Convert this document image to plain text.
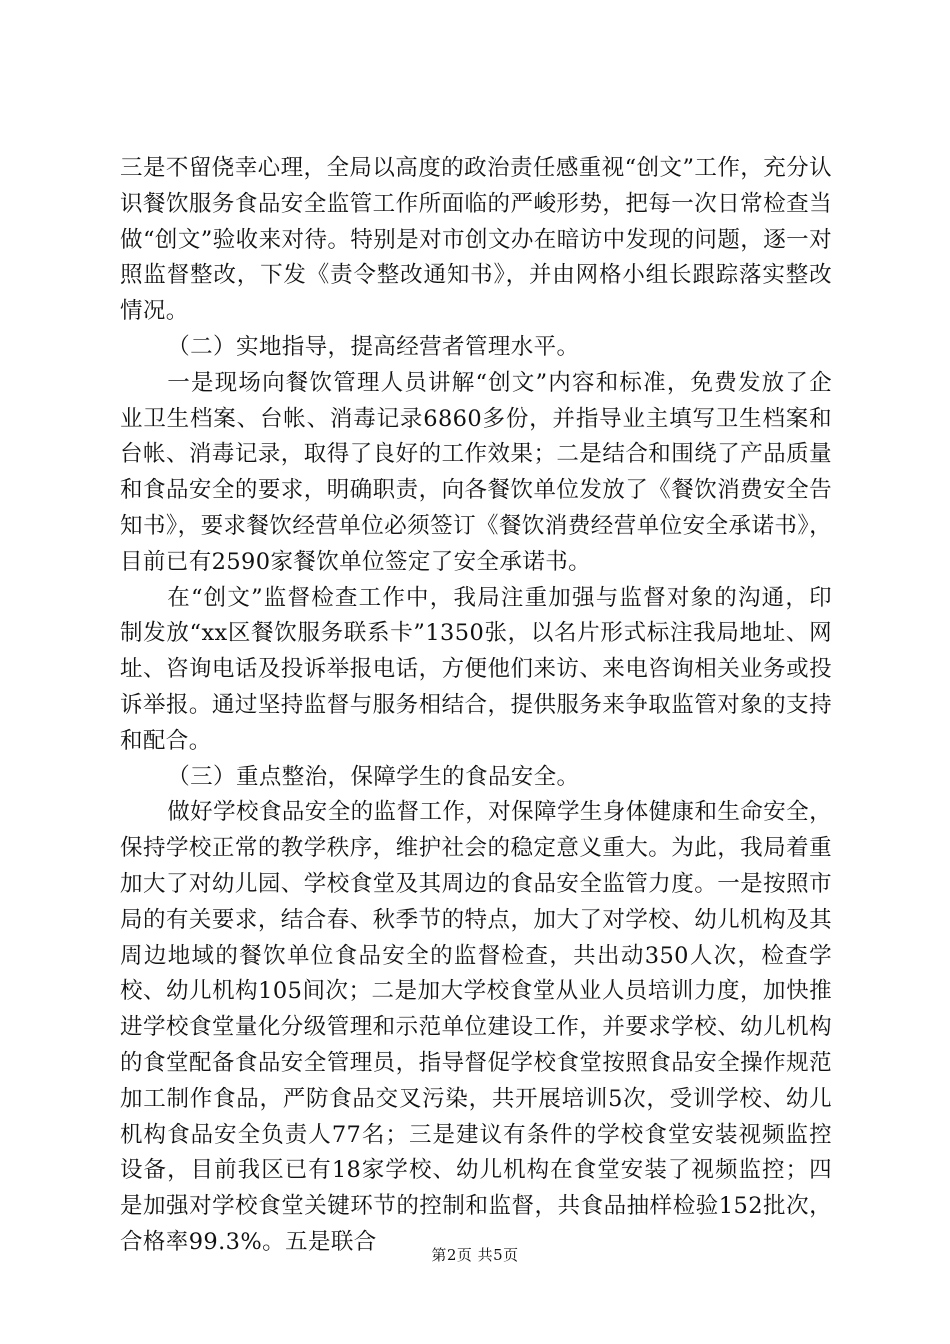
三是不留侥幸心理，全局以高度的政治责任感重视“创文”工作，充分认识餐饮服务食品安全监管工作所面临的严峻形势，把每一次日常检查当做“创文”验收来对待。特别是对市创文办在暗访中发现的问题，逐一对照监督整改，下发《责令整改通知书》，并由网格小组长跟踪落实整改情况。

（二）实地指导，提高经营者管理水平。

一是现场向餐饮管理人员讲解“创文”内容和标准，免费发放了企业卫生档案、台帐、消毒记录6860多份，并指导业主填写卫生档案和台帐、消毒记录，取得了良好的工作效果；二是结合和围绕了产品质量和食品安全的要求，明确职责，向各餐饮单位发放了《餐饮消费安全告知书》，要求餐饮经营单位必须签订《餐饮消费经营单位安全承诺书》，目前已有2590家餐饮单位签定了安全承诺书。

在“创文”监督检查工作中，我局注重加强与监督对象的沟通，印制发放“xx区餐饮服务联系卡”1350张，以名片形式标注我局地址、网址、咨询电话及投诉举报电话，方便他们来访、来电咨询相关业务或投诉举报。通过坚持监督与服务相结合，提供服务来争取监管对象的支持和配合。

（三）重点整治，保障学生的食品安全。

做好学校食品安全的监督工作，对保障学生身体健康和生命安全，保持学校正常的教学秩序，维护社会的稳定意义重大。为此，我局着重加大了对幼儿园、学校食堂及其周边的食品安全监管力度。一是按照市局的有关要求，结合春、秋季节的特点，加大了对学校、幼儿机构及其周边地域的餐饮单位食品安全的监督检查，共出动350人次，检查学校、幼儿机构105间次；二是加大学校食堂从业人员培训力度，加快推进学校食堂量化分级管理和示范单位建设工作，并要求学校、幼儿机构的食堂配备食品安全管理员，指导督促学校食堂按照食品安全操作规范加工制作食品，严防食品交叉污染，共开展培训5次，受训学校、幼儿机构食品安全负责人77名；三是建议有条件的学校食堂安装视频监控设备，目前我区已有18家学校、幼儿机构在食堂安装了视频监控；四是加强对学校食堂关键环节的控制和监督，共食品抽样检验152批次，合格率99.3%。五是联合

第2页 共5页
